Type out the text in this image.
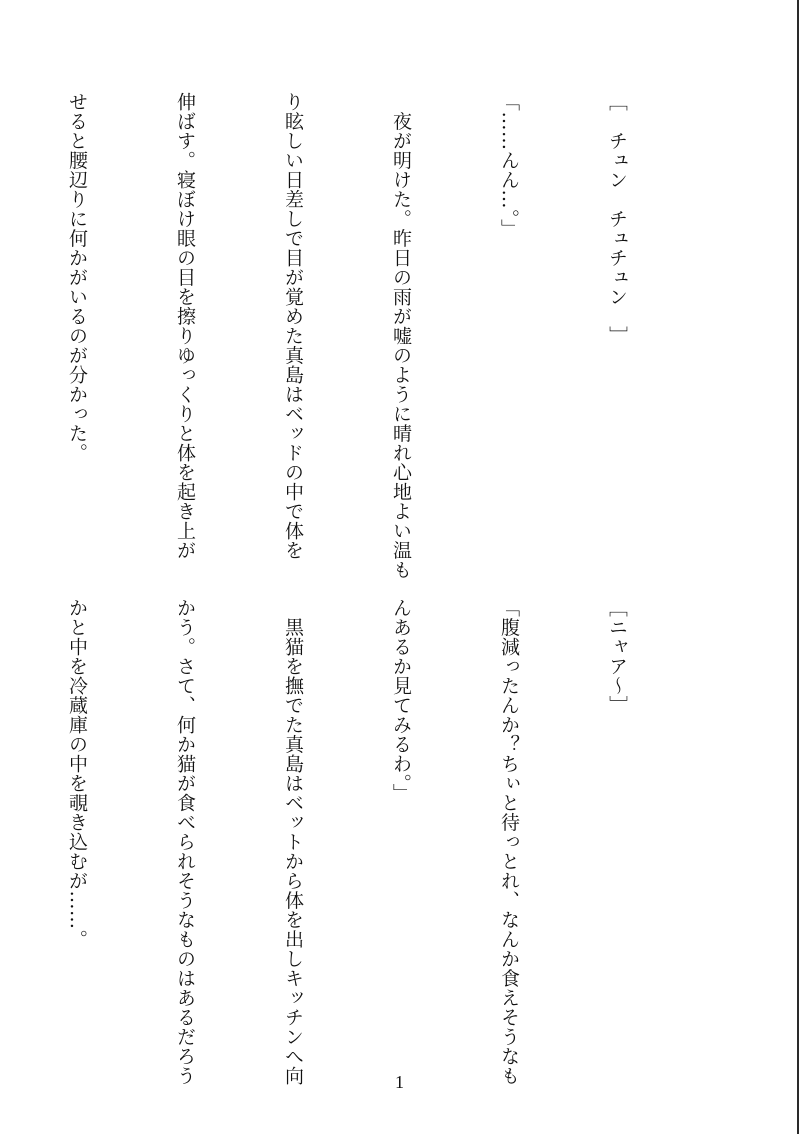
［　チュン　チュチュン　］

「……んん…。」

　夜が明けた。昨日の雨が嘘のように晴れ心地よい温も

り眩しい日差しで目が覚めた真島はベッドの中で体を

伸ばす。寝ぼけ眼の目を擦りゆっくりと体を起き上が

せると腰辺りに何かがいるのが分かった。

［ニャア～］

「腹減ったんか？ちぃと待っとれ、なんか食えそうなも

んあるか見てみるわ。」

　黒猫を撫でた真島はベットから体を出しキッチンへ向

かう。さて、何か猫が食べられそうなものはあるだろう

かと中を冷蔵庫の中を覗き込むが……。

1
